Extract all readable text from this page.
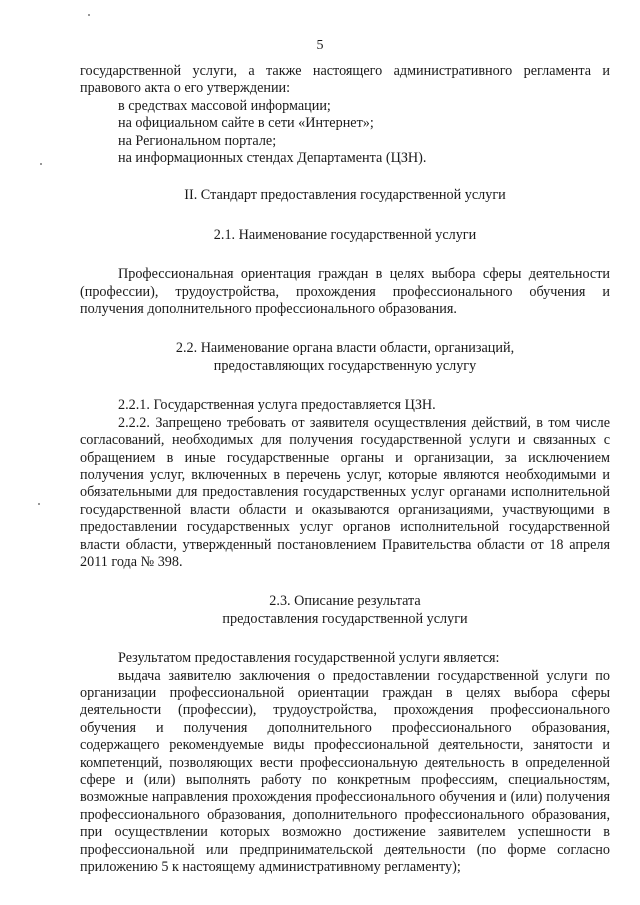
5

государственной услуги, а также настоящего административного регламента и правового акта о его утверждении:

в средствах массовой информации;

на официальном сайте в сети «Интернет»;

на Региональном портале;

на информационных стендах Департамента (ЦЗН).

II. Стандарт предоставления государственной услуги

2.1. Наименование государственной услуги

Профессиональная ориентация граждан в целях выбора сферы деятельности (профессии), трудоустройства, прохождения профессионального обучения и получения дополнительного профессионального образования.

2.2. Наименование органа власти области, организаций,

предоставляющих государственную услугу

2.2.1. Государственная услуга предоставляется ЦЗН.

2.2.2. Запрещено требовать от заявителя осуществления действий, в том числе согласований, необходимых для получения государственной услуги и связанных с обращением в иные государственные органы и организации, за исключением получения услуг, включенных в перечень услуг, которые являются необходимыми и обязательными для предоставления государственных услуг органами исполнительной государственной власти области и оказываются организациями, участвующими в предоставлении государственных услуг органов исполнительной государственной власти области, утвержденный постановлением Правительства области от 18 апреля 2011 года № 398.

2.3. Описание результата

предоставления государственной услуги

Результатом предоставления государственной услуги является:

выдача заявителю заключения о предоставлении государственной услуги по организации профессиональной ориентации граждан в целях выбора сферы деятельности (профессии), трудоустройства, прохождения профессионального обучения и получения дополнительного профессионального образования, содержащего рекомендуемые виды профессиональной деятельности, занятости и компетенций, позволяющих вести профессиональную деятельность в определенной сфере и (или) выполнять работу по конкретным профессиям, специальностям, возможные направления прохождения профессионального обучения и (или) получения профессионального образования, дополнительного профессионального образования, при осуществлении которых возможно достижение заявителем успешности в профессиональной или предпринимательской деятельности (по форме согласно приложению 5 к настоящему административному регламенту);
